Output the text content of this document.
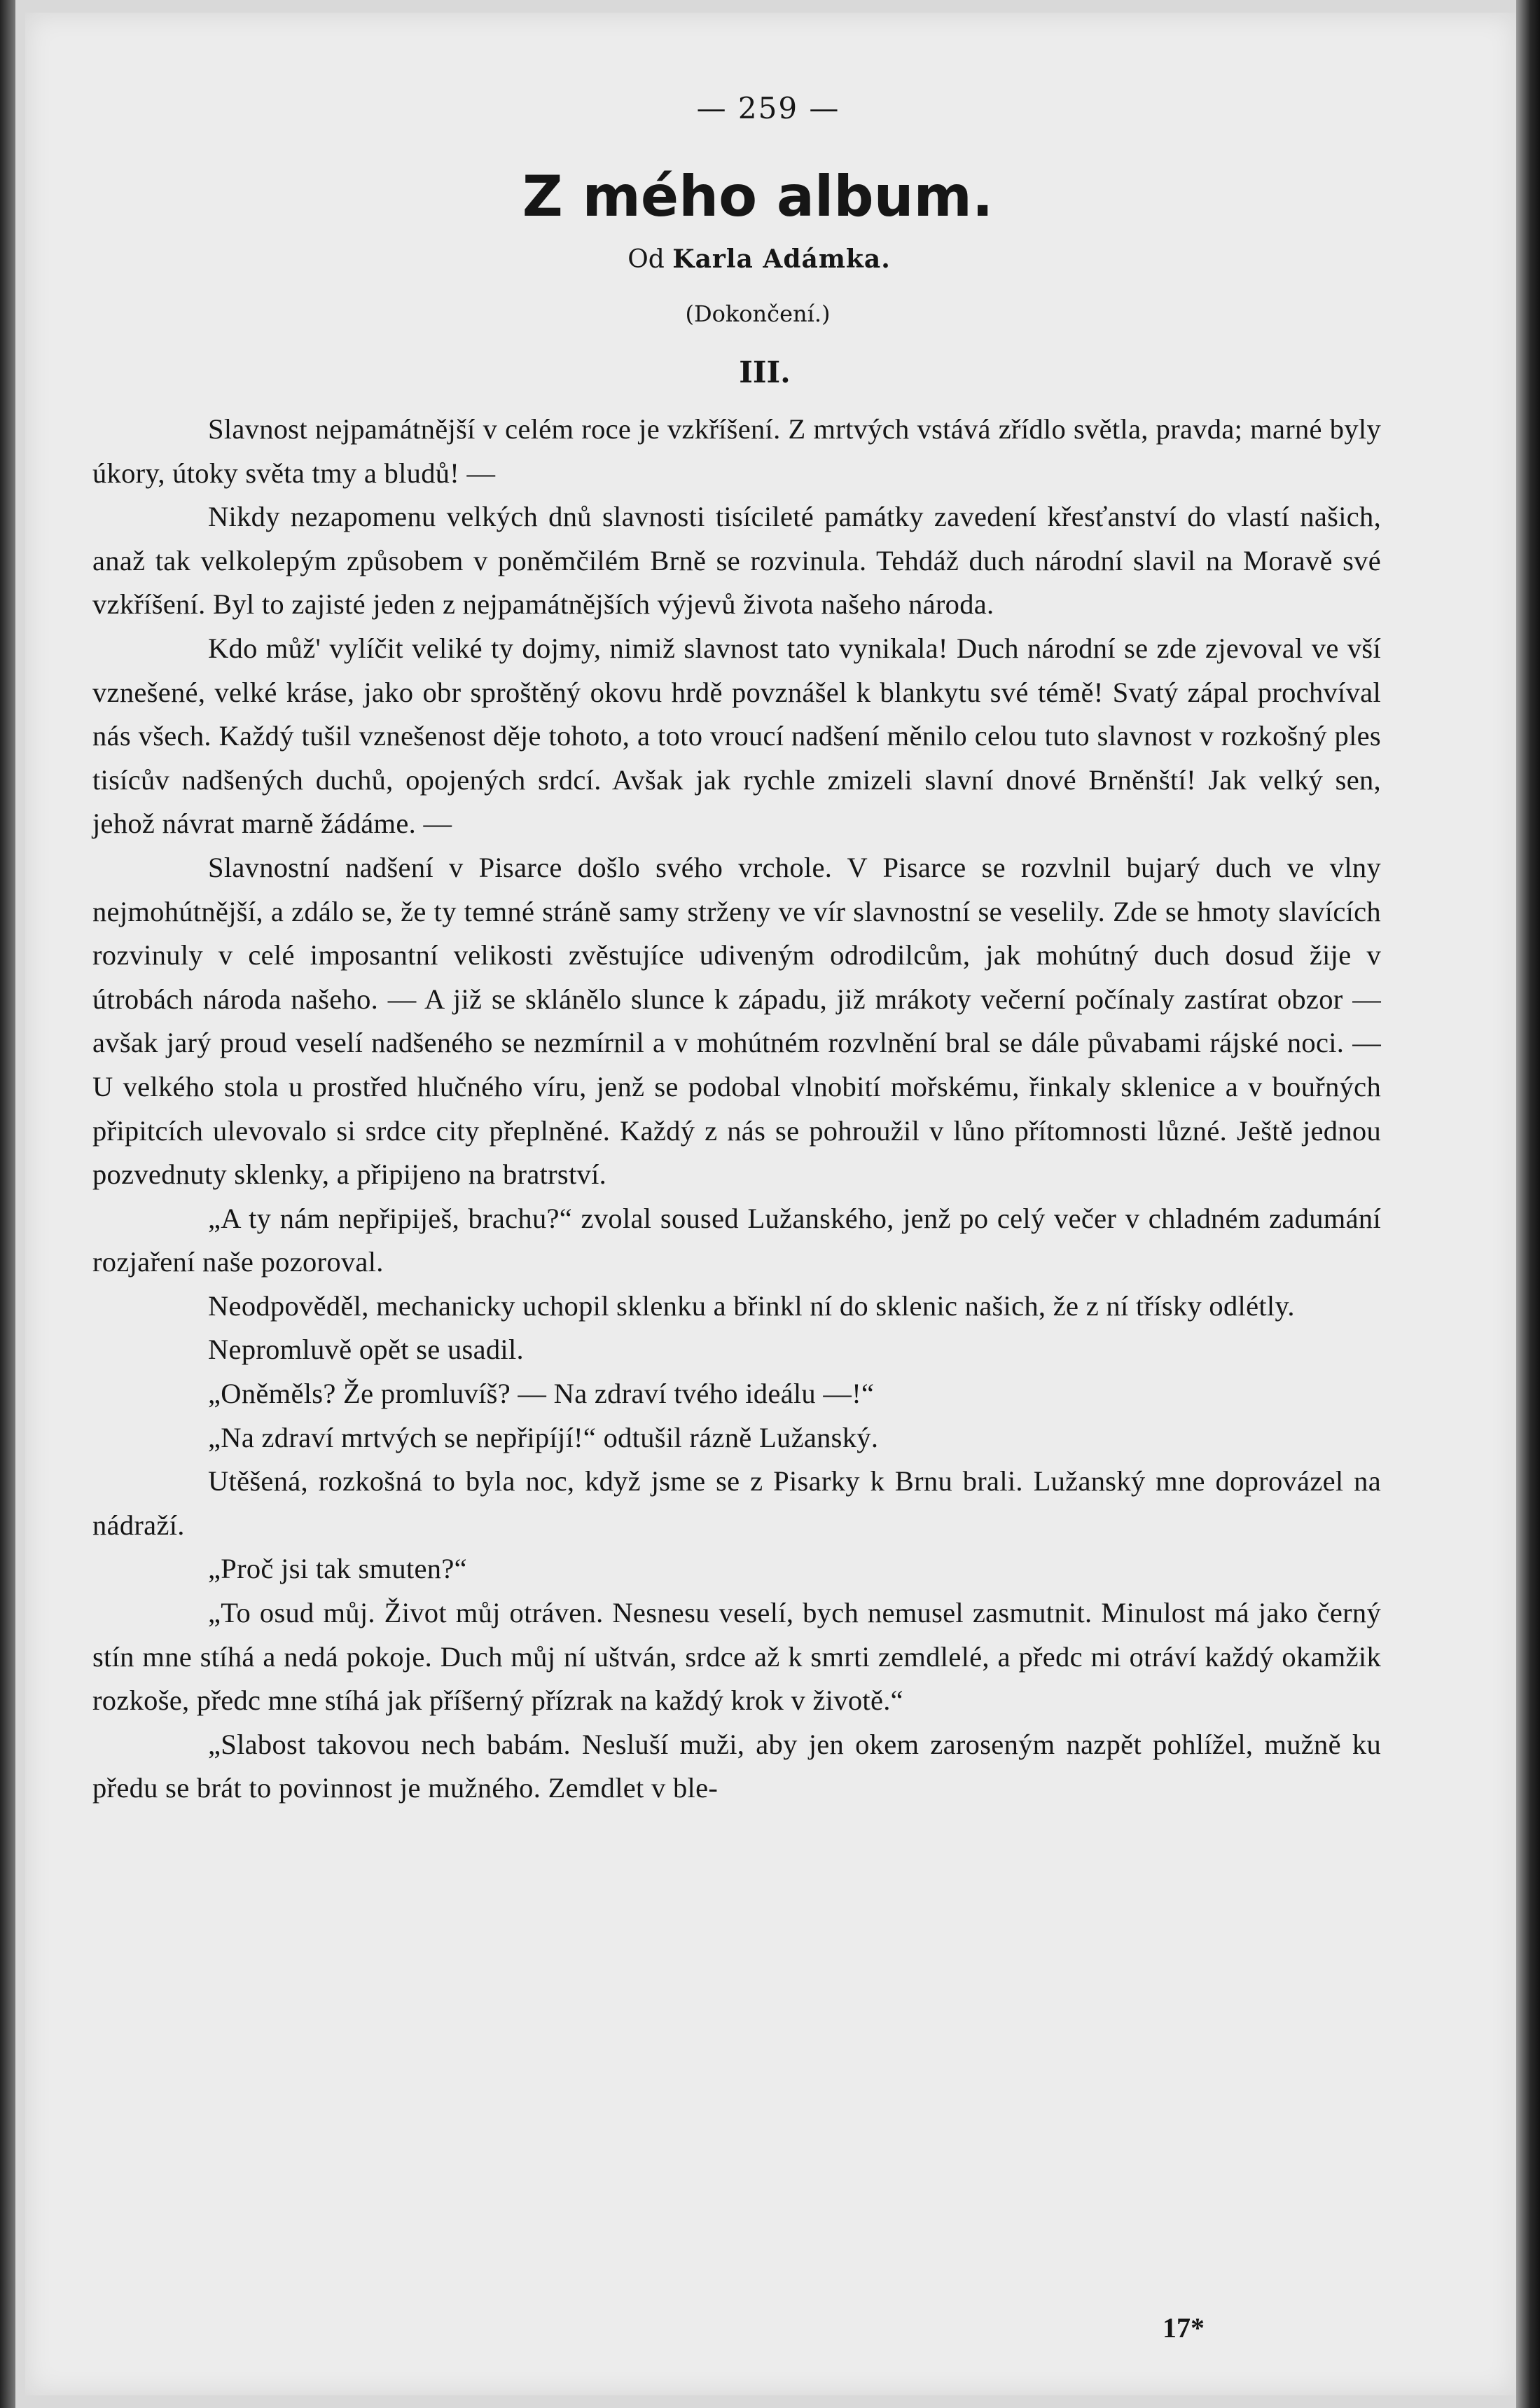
— 259 —
Z mého album.
Od Karla Adámka.
(Dokončení.)
III.

Slavnost nejpamátnější v celém roce je vzkříšení. Z mrtvých vstává zřídlo světla, pravda; marné byly úkory, útoky světa tmy a bludů! —

Nikdy nezapomenu velkých dnů slavnosti tisícileté památky zavedení křesťanství do vlastí našich, anaž tak velkolepým způsobem v poněmčilém Brně se rozvinula. Tehdáž duch národní slavil na Moravě své vzkříšení. Byl to zajisté jeden z nejpamátnějších výjevů života našeho národa.

Kdo můž' vylíčit veliké ty dojmy, nimiž slavnost tato vynikala! Duch národní se zde zjevoval ve vší vznešené, velké kráse, jako obr sproštěný okovu hrdě povznášel k blankytu své témě! Svatý zápal prochvíval nás všech. Každý tušil vznešenost děje tohoto, a toto vroucí nadšení měnilo celou tuto slavnost v rozkošný ples tisícův nadšených duchů, opojených srdcí. Avšak jak rychle zmizeli slavní dnové Brněnští! Jak velký sen, jehož návrat marně žádáme. —

Slavnostní nadšení v Pisarce došlo svého vrchole. V Pisarce se rozvlnil bujarý duch ve vlny nejmohútnější, a zdálo se, že ty temné stráně samy strženy ve vír slavnostní se veselily. Zde se hmoty slavících rozvinuly v celé imposantní velikosti zvěstujíce udiveným odrodilcům, jak mohútný duch dosud žije v útrobách národa našeho. — A již se sklánělo slunce k západu, již mrákoty večerní počínaly zastírat obzor — avšak jarý proud veselí nadšeného se nezmírnil a v mohútném rozvlnění bral se dále půvabami rájské noci. — U velkého stola u prostřed hlučného víru, jenž se podobal vlnobití mořskému, řinkaly sklenice a v bouřných připitcích ulevovalo si srdce city přeplněné. Každý z nás se pohroužil v lůno přítomnosti lůzné. Ještě jednou pozvednuty sklenky, a připijeno na bratrství.

„A ty nám nepřipiješ, brachu?“ zvolal soused Lužanského, jenž po celý večer v chladném zadumání rozjaření naše pozoroval.

Neodpověděl, mechanicky uchopil sklenku a břinkl ní do sklenic našich, že z ní třísky odlétly.

Nepromluvě opět se usadil.

„Oněměls? Že promluvíš? — Na zdraví tvého ideálu —!“

„Na zdraví mrtvých se nepřipíjí!“ odtušil rázně Lužanský.

Utěšená, rozkošná to byla noc, když jsme se z Pisarky k Brnu brali. Lužanský mne doprovázel na nádraží.

„Proč jsi tak smuten?“

„To osud můj. Život můj otráven. Nesnesu veselí, bych nemusel zasmutnit. Minulost má jako černý stín mne stíhá a nedá pokoje. Duch můj ní uštván, srdce až k smrti zemdlelé, a předc mi otráví každý okamžik rozkoše, předc mne stíhá jak příšerný přízrak na každý krok v životě.“

„Slabost takovou nech babám. Nesluší muži, aby jen okem zaroseným nazpět pohlížel, mužně ku předu se brát to povinnost je mužného. Zemdlet v ble-

17*
